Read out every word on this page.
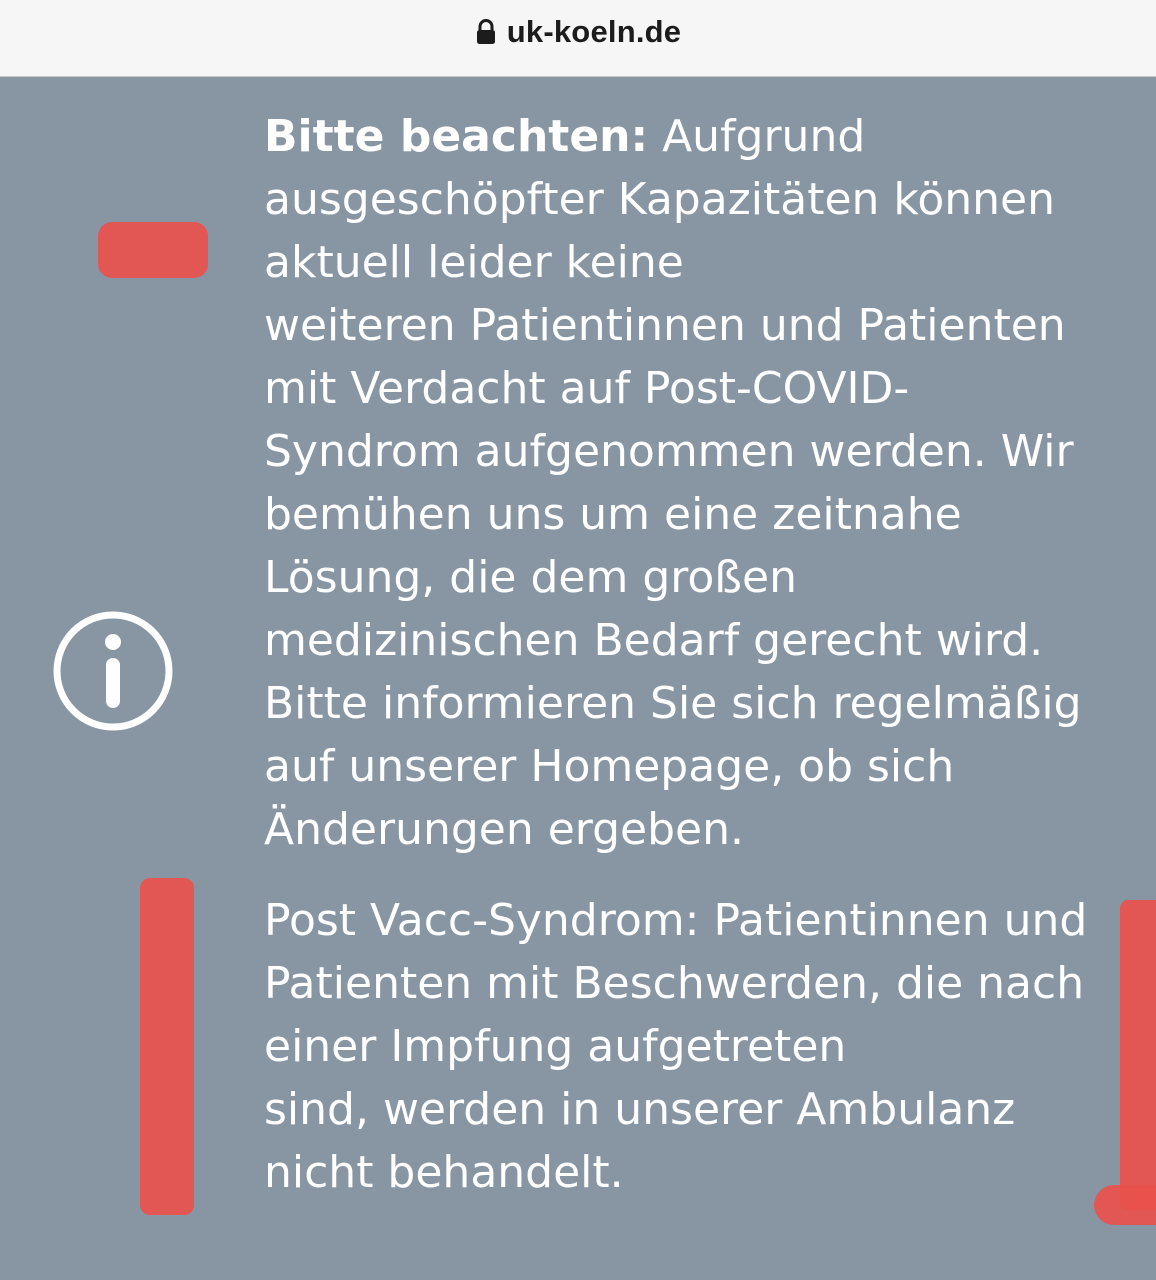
uk-koeln.de

Bitte beachten: Aufgrund
ausgeschöpfter Kapazitäten können
aktuell leider keine
weiteren Patientinnen und Patienten
mit Verdacht auf Post-COVID-
Syndrom aufgenommen werden. Wir
bemühen uns um eine zeitnahe
Lösung, die dem großen
medizinischen Bedarf gerecht wird.
Bitte informieren Sie sich regelmäßig
auf unserer Homepage, ob sich
Änderungen ergeben.

Post Vacc-Syndrom: Patientinnen und
Patienten mit Beschwerden, die nach
einer Impfung aufgetreten
sind, werden in unserer Ambulanz
nicht behandelt.
